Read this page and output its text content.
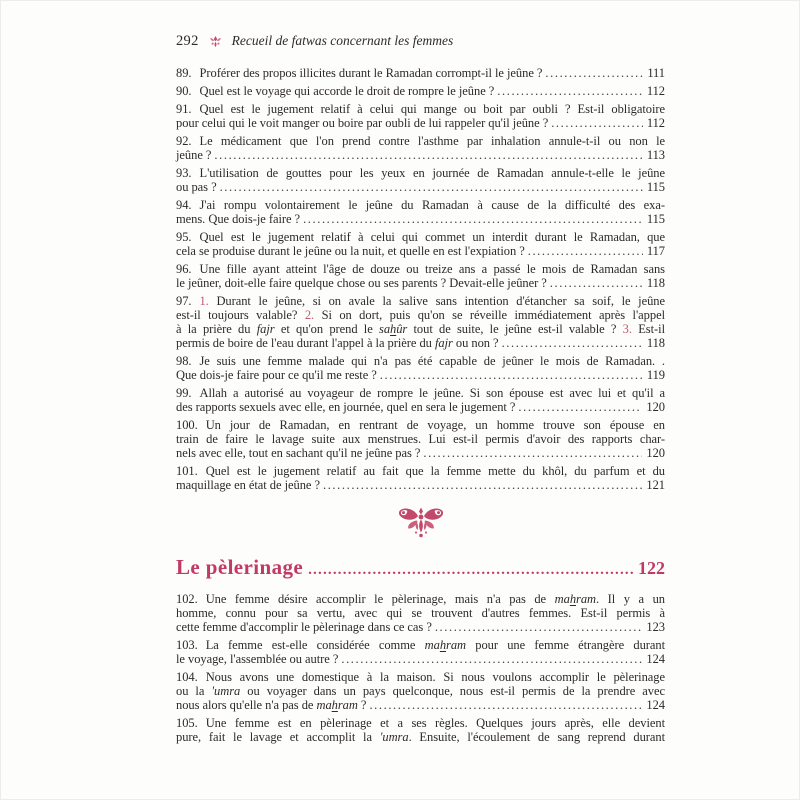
292 Recueil de fatwas concernant les femmes
89. Proférer des propos illicites durant le Ramadan corrompt-il le jeûne ? .....	111
90. Quel est le voyage qui accorde le droit de rompre le jeûne ? .....	112
91. Quel est le jugement relatif à celui qui mange ou boit par oubli ? Est-il obligatoire
pour celui qui le voit manger ou boire par oubli de lui rappeler qu'il jeûne ? .....	112
92. Le médicament que l'on prend contre l'asthme par inhalation annule-t-il ou non le
jeûne ? .....	113
93. L'utilisation de gouttes pour les yeux en journée de Ramadan annule-t-elle le jeûne
ou pas ? .....	115
94. J'ai rompu volontairement le jeûne du Ramadan à cause de la difficulté des exa-
mens. Que dois-je faire ? .....	115
95. Quel est le jugement relatif à celui qui commet un interdit durant le Ramadan, que
cela se produise durant le jeûne ou la nuit, et quelle en est l'expiation ? .....	117
96. Une fille ayant atteint l'âge de douze ou treize ans a passé le mois de Ramadan sans
le jeûner, doit-elle faire quelque chose ou ses parents ? Devait-elle jeûner ? .....	118
97. 1. Durant le jeûne, si on avale la salive sans intention d'étancher sa soif, le jeûne
est-il toujours valable? 2. Si on dort, puis qu'on se réveille immédiatement après l'appel
à la prière du fajr et qu'on prend le sahûr tout de suite, le jeûne est-il valable ? 3. Est-il
permis de boire de l'eau durant l'appel à la prière du fajr ou non ? .....	118
98. Je suis une femme malade qui n'a pas été capable de jeûner le mois de Ramadan. .
Que dois-je faire pour ce qu'il me reste ? .....	119
99. Allah a autorisé au voyageur de rompre le jeûne. Si son épouse est avec lui et qu'il a
des rapports sexuels avec elle, en journée, quel en sera le jugement ? .....	120
100. Un jour de Ramadan, en rentrant de voyage, un homme trouve son épouse en
train de faire le lavage suite aux menstrues. Lui est-il permis d'avoir des rapports char-
nels avec elle, tout en sachant qu'il ne jeûne pas ? .....	120
101. Quel est le jugement relatif au fait que la femme mette du khôl, du parfum et du
maquillage en état de jeûne ? .....	121
Le pèlerinage .....	122
102. Une femme désire accomplir le pèlerinage, mais n'a pas de mahram. Il y a un
homme, connu pour sa vertu, avec qui se trouvent d'autres femmes. Est-il permis à
cette femme d'accomplir le pèlerinage dans ce cas ? .....	123
103. La femme est-elle considérée comme mahram pour une femme étrangère durant
le voyage, l'assemblée ou autre ? .....	124
104. Nous avons une domestique à la maison. Si nous voulons accomplir le pèlerinage
ou la 'umra ou voyager dans un pays quelconque, nous est-il permis de la prendre avec
nous alors qu'elle n'a pas de mahram ? .....	124
105. Une femme est en pèlerinage et a ses règles. Quelques jours après, elle devient
pure, fait le lavage et accomplit la 'umra. Ensuite, l'écoulement de sang reprend durant
